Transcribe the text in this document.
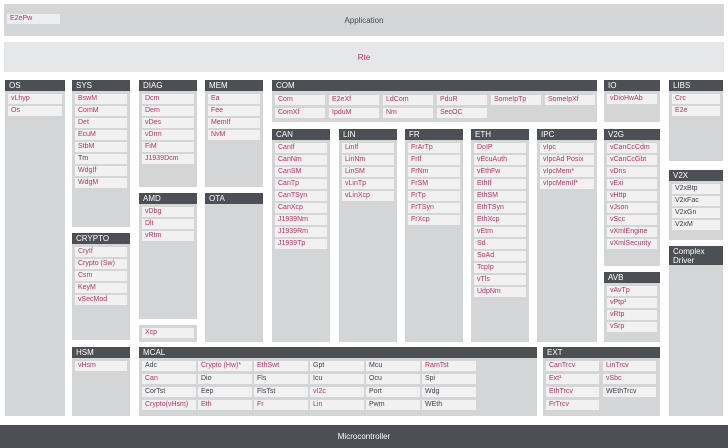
Application
E2ePw
Rte
OS
vLhyp
Os
SYS
BswM
ComM
Det
EcuM
StbM
Tm
WdgIf
WdgM
CRYPTO
CryIf
Crypto (Sw)
Csm
KeyM
vSecMod
HSM
vHsm
DIAG
Dcm
Dem
vDes
vDrm
FiM
J1939Dcm
AMD
vDbg
Dlt
vRtm
Xcp
MEM
Ea
Fee
MemIf
NvM
OTA
COM
Com	E2eXf	LdCom	PduR	SomeIpTp	SomeIpXf
ComXf	IpduM	Nm	SecOC
CAN
CanIf
CanNm
CanSM
CanTp
CanTSyn
CanXcp
J1939Nm
J1939Rm
J1939Tp
LIN
LinIf
LinNm
LinSM
vLinTp
vLinXcp
FR
FrArTp
FrIf
FrNm
FrSM
FrTp
FrTSyn
FrXcp
ETH
DoIP
vEcuAuth
vEthFw
EthIf
EthSM
EthTSyn
EthXcp
vEtm
Sd
SoAd
TcpIp
vTls
UdpNm
IPC
vIpc
vIpcAd Posix
vIpcMem*
vIpcMemIf*
IO
vDioHwAb
V2G
vCanCcCdm
vCanCcGbt
vDns
vExi
vHttp
vJson
vScc
vXmlEngine
vXmlSecurity
AVB
vAvTp
vPtp¹
vRtp
vSrp
LIBS
Crc
E2e
V2X
V2xBtp
V2xFac
V2xGn
V2xM
Complex Driver
MCAL
Adc
Can
CorTst
Crypto(vHsm)
Crypto (Hw)*
Dio
Eep
Eth
EthSwt
Fls
FlsTst
Fr
Gpt
Icu
vI2c
Lin
Mcu
Ocu
Port
Pwm
RamTst
Spi
Wdg
WEth
EXT
CanTrcv
Ext¹
EthTrcv
FrTrcv
LinTrcv
vSbc
WEthTrcv
Microcontroller
